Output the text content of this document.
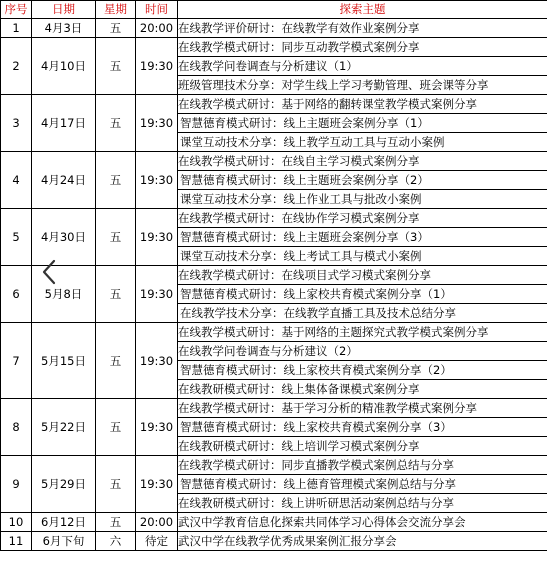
序号	日期	星期	时间	探索主题
1	4月3日	五	20:00	在线教学评价研讨：在线教学有效作业案例分享
2	4月10日	五	19:30	在线教学模式研讨：同步互动教学模式案例分享
				在线教学问卷调查与分析建议（1）
				班级管理技术分享：对学生线上学习考勤管理、班会课等分享
3	4月17日	五	19:30	在线教学模式研讨：基于网络的翻转课堂教学模式案例分享
				智慧德育模式研讨：线上主题班会案例分享（1）
				课堂互动技术分享：线上教学互动工具与互动小案例
4	4月24日	五	19:30	在线教学模式研讨：在线自主学习模式案例分享
				智慧德育模式研讨：线上主题班会案例分享（2）
				课堂互动技术分享：线上作业工具与批改小案例
5	4月30日	五	19:30	在线教学模式研讨：在线协作学习模式案例分享
				智慧德育模式研讨：线上主题班会案例分享（3）
				课堂互动技术分享：线上考试工具与模式小案例
6	5月8日	五	19:30	在线教学模式研讨：在线项目式学习模式案例分享
				智慧德育模式研讨：线上家校共育模式案例分享（1）
				在线教学技术分享：在线教学直播工具及技术总结分享
7	5月15日	五	19:30	在线教学模式研讨：基于网络的主题探究式教学模式案例分享
				在线教学问卷调查与分析建议（2）
				智慧德育模式研讨：线上家校共育模式案例分享（2）
				在线教研模式研讨：线上集体备课模式案例分享
8	5月22日	五	19:30	在线教学模式研讨：基于学习分析的精准教学模式案例分享
				智慧德育模式研讨：线上家校共育模式案例分享（3）
				在线教研模式研讨：线上培训学习模式案例分享
9	5月29日	五	19:30	在线教学模式研讨：同步直播教学模式案例总结与分享
				智慧德育模式研讨：线上德育管理模式案例总结与分享
				在线教研模式研讨：线上讲听研思活动案例总结与分享
10	6月12日	五	20:00	武汉中学教育信息化探索共同体学习心得体会交流分享会
11	6月下旬	六	待定	武汉中学在线教学优秀成果案例汇报分享会
